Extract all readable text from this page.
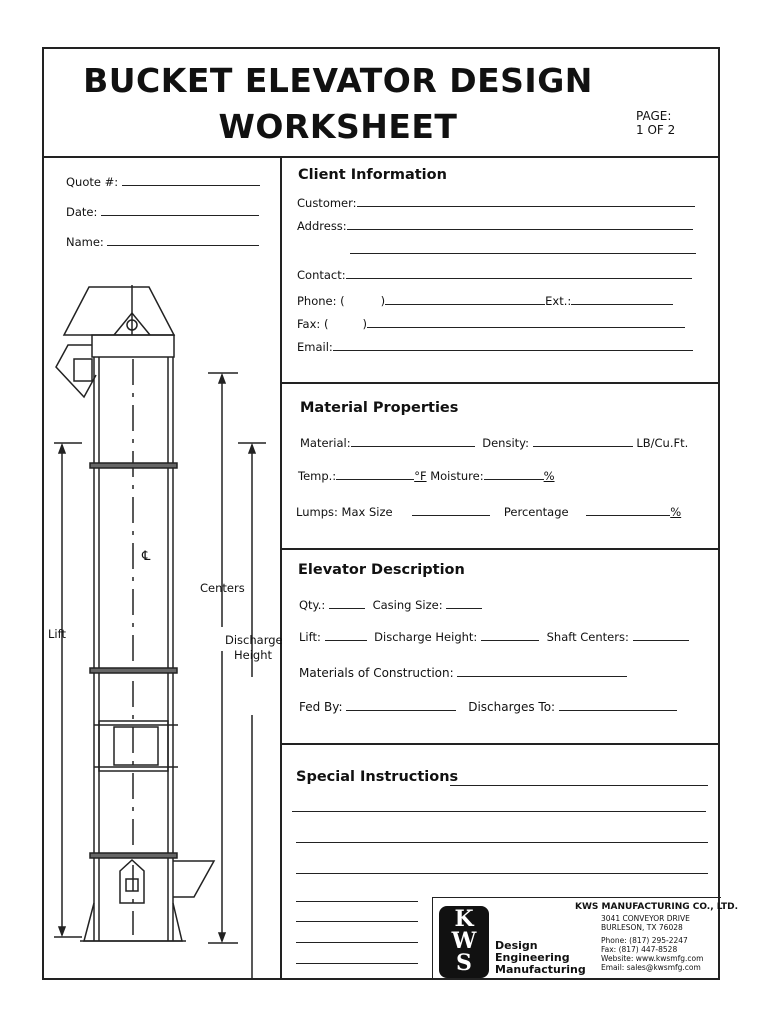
BUCKET ELEVATOR DESIGN
WORKSHEET	PAGE:
1 OF 2
Quote #:
Date:
Name:
℄
Lift
Centers
Discharge
Height
Client Information
Customer:
Address:
Contact:
Phone: (	)	Ext.:
Fax: (	)
Email:
Material Properties
Material:	Density:	LB/Cu.Ft.
Temp.:	°F Moisture:	%
Lumps: Max Size	Percentage	%
Elevator Description
Qty.:	Casing Size:
Lift:	Discharge Height:	Shaft Centers:
Materials of Construction:
Fed By:	Discharges To:
Special Instructions
K
W
S
Design
Engineering
Manufacturing
KWS MANUFACTURING CO., LTD.
3041 CONVEYOR DRIVE
BURLESON, TX 76028
Phone: (817) 295-2247
Fax: (817) 447-8528
Website: www.kwsmfg.com
Email: sales@kwsmfg.com
